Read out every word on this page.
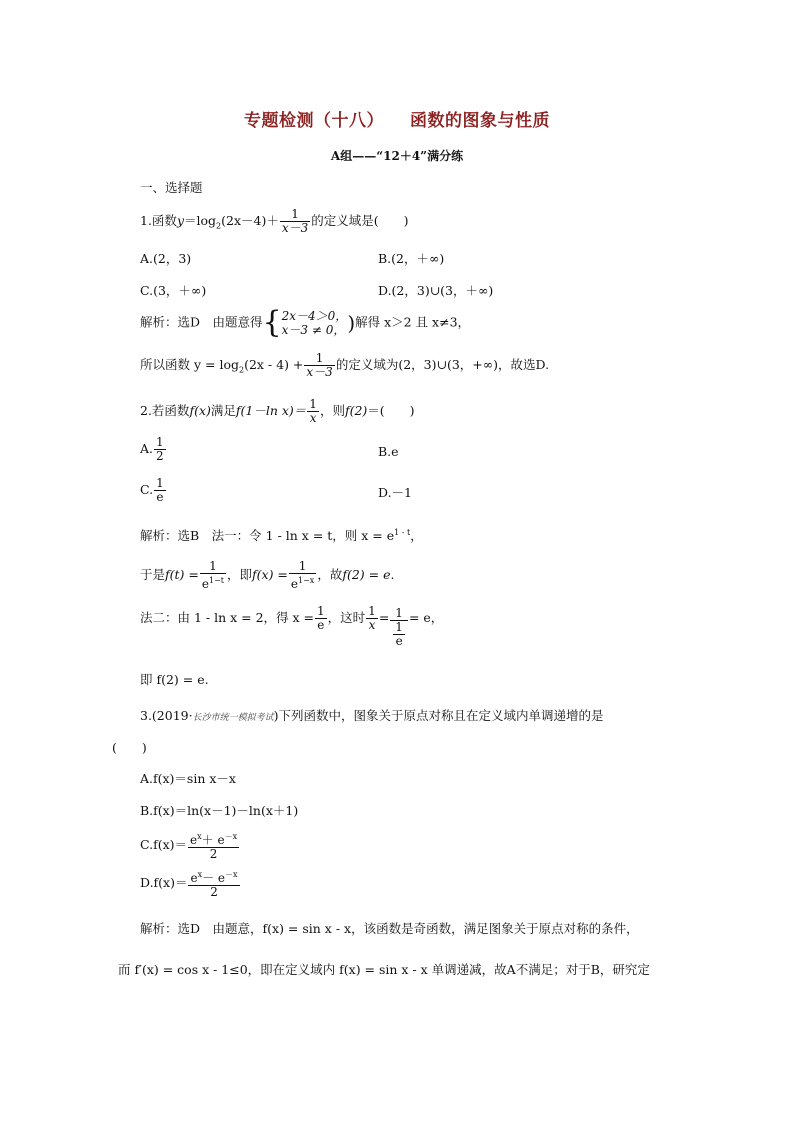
专题检测（十八） 函数的图象与性质
A组——“12＋4”满分练
一、选择题
1.函数$y=\log_2(2x-4)+ \frac{1}{x-3}$ 的定义域是(　　)
A.(2，3)	B.(2，＋∞)
C.(3，＋∞)	D.(2，3)∪(3，＋∞)
解析：选D　由题意得{ 2x－4＞0，
x－3 ≠ 0， )解得 x＞2 且 x≠3，
所以函数 $y = \log_2(2x - 4) + \frac{1}{x-3}$ 的定义域为(2，3)∪(3，+∞)，故选D.
2.若函数f(x)满足f(1－ln $x)= \frac{1}{x}$ ，则f(2)＝(　　)
A. $\frac{1}{2}$	B.e
C. $\frac{1}{e}$	D.－1
解析：选B　法一：令 1 - ln x = t，则 $x = e^{1 - t}$，
于是$f(t) = \frac{1}{e^{1-t}}$ ，即$f(x) = \frac{1}{e^{1-x}}$ ，故f(2) = e.
法二：由 1 - ln x = 2，得 $x = \frac{1}{e}$ ，这时 $\frac{1}{x} = \frac{1}{\frac{1}{e}} = e$，
即 f(2) = e.
3.(2019·长沙市统一模拟考试)下列函数中，图象关于原点对称且在定义域内单调递增的是
(　　)
A.f(x)＝sin x－x
B.f(x)＝ln(x－1)－ln(x＋1)
$C.f(x)= \frac{e^x+ e^{-x}}{2}$
$D.f(x)= \frac{e^x- e^{-x}}{2}$
解析：选D　由题意，f(x) = sin x - x，该函数是奇函数，满足图象关于原点对称的条件，
而 f′(x) = cos x - 1≤0，即在定义域内 f(x) = sin x - x 单调递减，故A不满足；对于B，研究定
